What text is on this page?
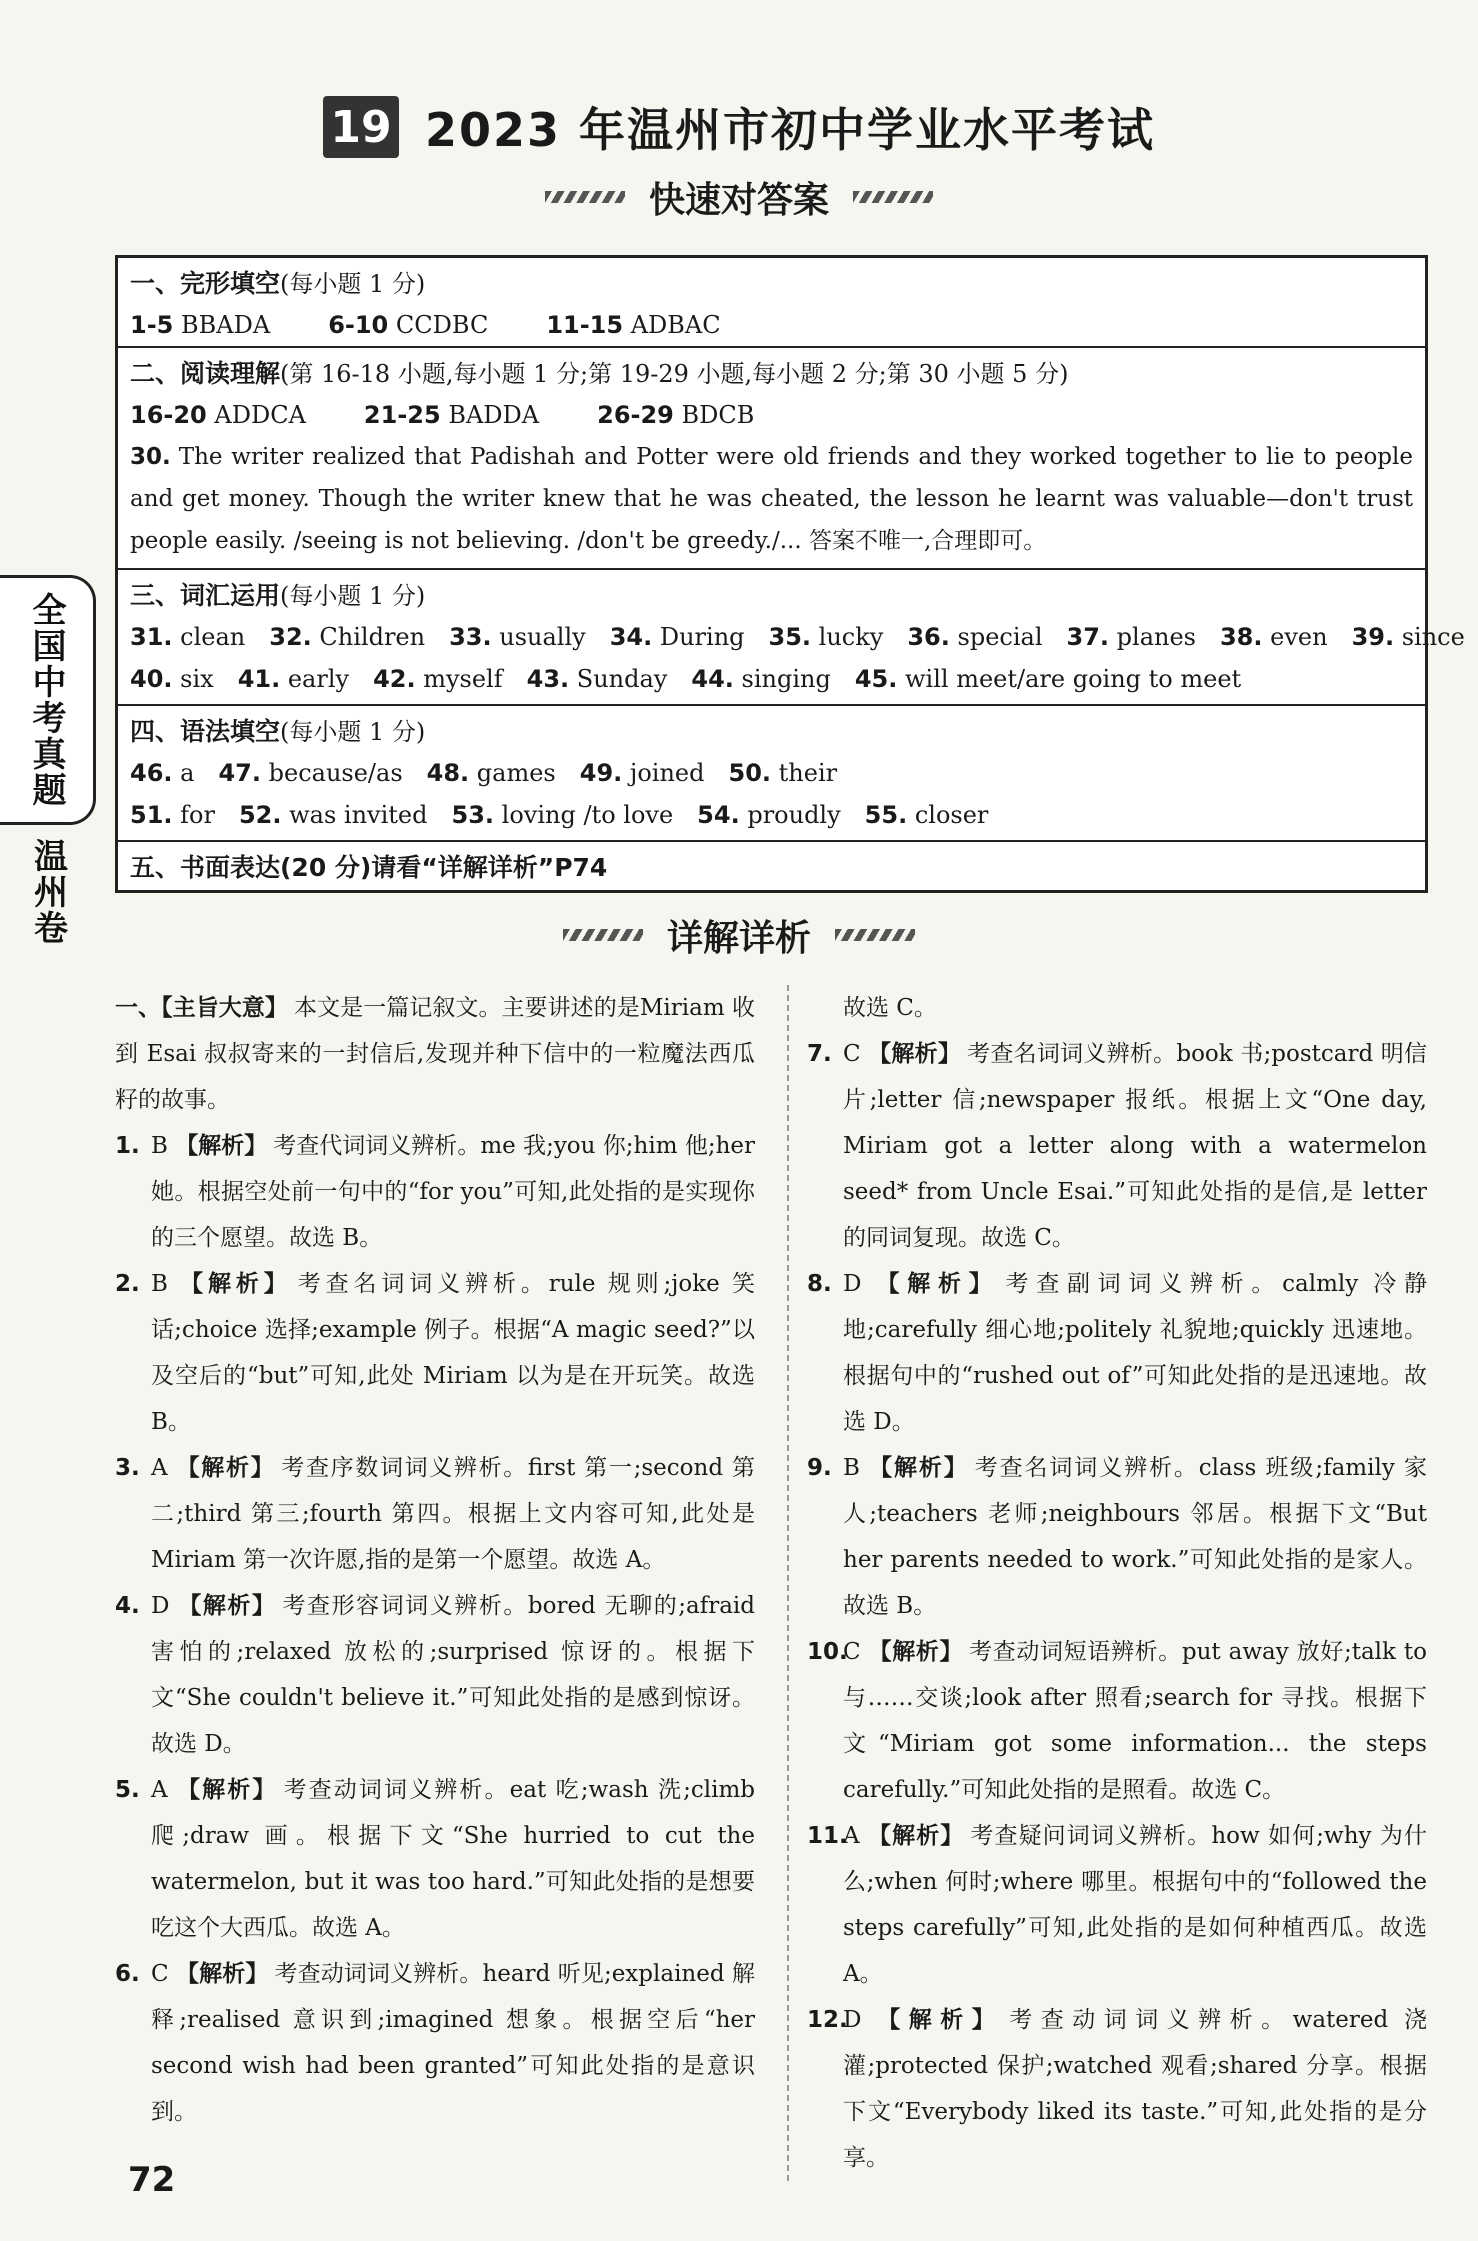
全国中考真题
温州卷
19 2023 年温州市初中学业水平考试
快速对答案
一、完形填空(每小题 1 分)
1-5 BBADA 6-10 CCDBC 11-15 ADBAC
二、阅读理解(第 16-18 小题,每小题 1 分;第 19-29 小题,每小题 2 分;第 30 小题 5 分)
16-20 ADDCA 21-25 BADDA 26-29 BDCB
30. The writer realized that Padishah and Potter were old friends and they worked together to lie to people and get money. Though the writer knew that he was cheated, the lesson he learnt was valuable—don't trust people easily. /seeing is not believing. /don't be greedy./... 答案不唯一,合理即可。
三、词汇运用(每小题 1 分)
31. clean 32. Children 33. usually 34. During 35. lucky 36. special 37. planes 38. even 39. since
40. six 41. early 42. myself 43. Sunday 44. singing 45. will meet/are going to meet
四、语法填空(每小题 1 分)
46. a 47. because/as 48. games 49. joined 50. their
51. for 52. was invited 53. loving /to love 54. proudly 55. closer
五、书面表达(20 分)请看“详解详析”P74
详解详析

一、【主旨大意】 本文是一篇记叙文。主要讲述的是Miriam 收到 Esai 叔叔寄来的一封信后,发现并种下信中的一粒魔法西瓜籽的故事。

1. B 【解析】 考查代词词义辨析。me 我;you 你;him 他;her 她。根据空处前一句中的“for you”可知,此处指的是实现你的三个愿望。故选 B。

2. B 【解析】 考查名词词义辨析。rule 规则;joke 笑话;choice 选择;example 例子。根据“A magic seed?”以及空后的“but”可知,此处 Miriam 以为是在开玩笑。故选 B。

3. A 【解析】 考查序数词词义辨析。first 第一;second 第二;third 第三;fourth 第四。根据上文内容可知,此处是 Miriam 第一次许愿,指的是第一个愿望。故选 A。

4. D 【解析】 考查形容词词义辨析。bored 无聊的;afraid 害怕的;relaxed 放松的;surprised 惊讶的。根据下文“She couldn't believe it.”可知此处指的是感到惊讶。故选 D。

5. A 【解析】 考查动词词义辨析。eat 吃;wash 洗;climb 爬;draw 画。根据下文“She hurried to cut the watermelon, but it was too hard.”可知此处指的是想要吃这个大西瓜。故选 A。

6. C 【解析】 考查动词词义辨析。heard 听见;explained 解释;realised 意识到;imagined 想象。根据空后“her second wish had been granted”可知此处指的是意识到。

故选 C。

7. C 【解析】 考查名词词义辨析。book 书;postcard 明信片;letter 信;newspaper 报纸。根据上文“One day, Miriam got a letter along with a watermelon seed* from Uncle Esai.”可知此处指的是信,是 letter 的同词复现。故选 C。

8. D 【解析】 考查副词词义辨析。calmly 冷静地;carefully 细心地;politely 礼貌地;quickly 迅速地。根据句中的“rushed out of”可知此处指的是迅速地。故选 D。

9. B 【解析】 考查名词词义辨析。class 班级;family 家人;teachers 老师;neighbours 邻居。根据下文“But her parents needed to work.”可知此处指的是家人。故选 B。

10.C 【解析】 考查动词短语辨析。put away 放好;talk to 与……交谈;look after 照看;search for 寻找。根据下文“Miriam got some information... the steps carefully.”可知此处指的是照看。故选 C。

11.A 【解析】 考查疑问词词义辨析。how 如何;why 为什么;when 何时;where 哪里。根据句中的“followed the steps carefully”可知,此处指的是如何种植西瓜。故选 A。

12.D 【解析】 考查动词词义辨析。watered 浇灌;protected 保护;watched 观看;shared 分享。根据下文“Everybody liked its taste.”可知,此处指的是分享。

72
